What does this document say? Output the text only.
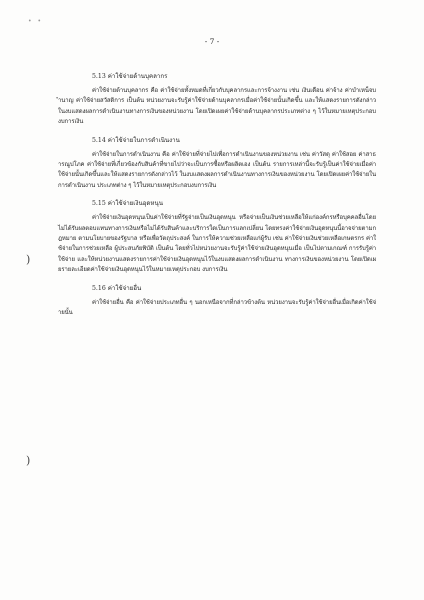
• •
)
)
- 7 -

5.13 ค่าใช้จ่ายด้านบุคลากร

ค่าใช้จ่ายด้านบุคลากร คือ ค่าใช้จ่ายทั้งหมดที่เกี่ยวกับบุคลากรและการจ้างงาน เช่น เงินเดือน ค่าจ้าง ค่าบำเหน็จบำนาญ ค่าใช้จ่ายสวัสดิการ เป็นต้น หน่วยงานจะรับรู้ค่าใช้จ่ายด้านบุคลากรเมื่อค่าใช้จ่ายนั้นเกิดขึ้น และให้แสดงรายการดังกล่าวในงบแสดงผลการดำเนินงานทางการเงินของหน่วยงาน โดยเปิดเผยค่าใช้จ่ายด้านบุคลากรประเภทต่าง ๆ ไว้ในหมายเหตุประกอบงบการเงิน

5.14 ค่าใช้จ่ายในการดำเนินงาน

ค่าใช้จ่ายในการดำเนินงาน คือ ค่าใช้จ่ายที่จ่ายไปเพื่อการดำเนินงานของหน่วยงาน เช่น ค่าวัสดุ ค่าใช้สอย ค่าสาธารณูปโภค ค่าใช้จ่ายที่เกี่ยวข้องกับสินค้าที่ขายไปว่าจะเป็นการซื้อหรือผลิตเอง เป็นต้น รายการเหล่านี้จะรับรู้เป็นค่าใช้จ่ายเมื่อค่าใช้จ่ายนั้นเกิดขึ้นและให้แสดงรายการดังกล่าวไว้ ในงบแสดงผลการดำเนินงานทางการเงินของหน่วยงาน โดยเปิดเผยค่าใช้จ่ายในการดำเนินงาน ประเภทต่าง ๆ ไว้ในหมายเหตุประกอบงบการเงิน

5.15 ค่าใช้จ่ายเงินอุดหนุน

ค่าใช้จ่ายเงินอุดหนุนเป็นค่าใช้จ่ายที่รัฐจ่ายเป็นเงินอุดหนุน หรือจ่ายเป็นเงินช่วยเหลือให้แก่องค์กรหรือบุคคลอื่นโดยไม่ได้รับผลตอบแทนทางการเงินหรือไม่ได้รับสินค้าและบริการใดเป็นการแลกเปลี่ยน โดยทรงค่าใช้จ่ายเงินอุดหนุนนี้อาจจ่ายตามกฎหมาย ตามนโยบายของรัฐบาล หรือเพื่อวัตถุประสงค์ ในการให้ความช่วยเหลือแก่ผู้รับ เช่น ค่าใช้จ่ายเงินช่วยเหลือเกษตรกร ค่าใช้จ่ายในการช่วยเหลือ ผู้ประสบภัยพิบัติ เป็นต้น โดยทั่วไปหน่วยงานจะรับรู้ค่าใช้จ่ายเงินอุดหนุนเมื่อ เป็นไปตามเกณฑ์ การรับรู้ค่าใช้จ่าย และให้หน่วยงานแสดงรายการค่าใช้จ่ายเงินอุดหนุนไว้ในงบแสดงผลการดำเนินงาน ทางการเงินของหน่วยงาน โดยเปิดเผยรายละเอียดค่าใช้จ่ายเงินอุดหนุนไว้ในหมายเหตุประกอบ งบการเงิน

5.16 ค่าใช้จ่ายอื่น

ค่าใช้จ่ายอื่น คือ ค่าใช้จ่ายประเภทอื่น ๆ นอกเหนือจากที่กล่าวข้างต้น หน่วยงานจะรับรู้ค่าใช้จ่ายอื่นเมื่อเกิดค่าใช้จ่ายนั้น
